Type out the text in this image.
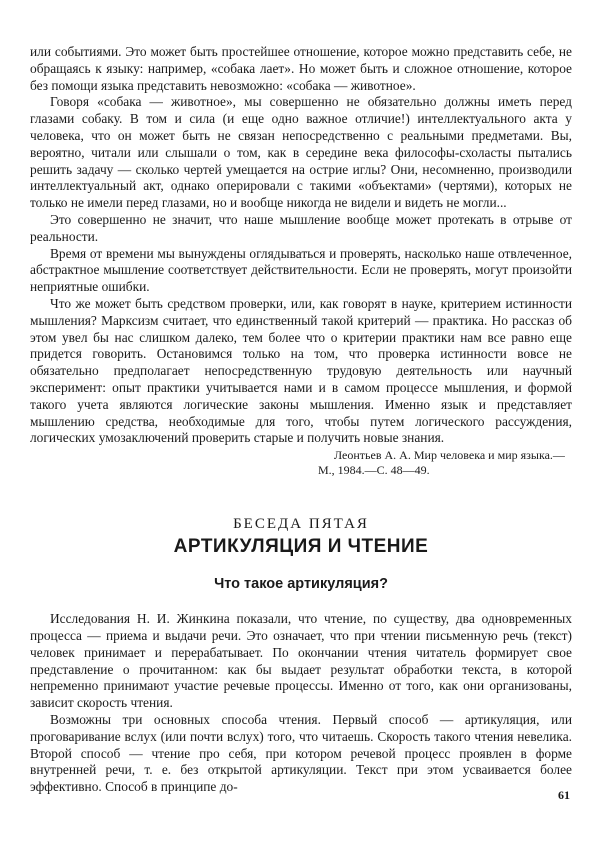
или событиями. Это может быть простейшее отношение, которое можно представить себе, не обращаясь к языку: например, «собака лает». Но может быть и сложное отношение, которое без помощи языка представить невозможно: «собака — животное».

Говоря «собака — животное», мы совершенно не обязательно должны иметь перед глазами собаку. В том и сила (и еще одно важное отличие!) интеллектуального акта у человека, что он может быть не связан непосредственно с реальными предметами. Вы, вероятно, читали или слышали о том, как в середине века философы-схоласты пытались решить задачу — сколько чертей умещается на острие иглы? Они, несомненно, производили интеллектуальный акт, однако оперировали с такими «объектами» (чертями), которых не только не имели перед глазами, но и вообще никогда не видели и видеть не могли...

Это совершенно не значит, что наше мышление вообще может протекать в отрыве от реальности.

Время от времени мы вынуждены оглядываться и проверять, насколько наше отвлеченное, абстрактное мышление соответствует действительности. Если не проверять, могут произойти неприятные ошибки.

Что же может быть средством проверки, или, как говорят в науке, критерием истинности мышления? Марксизм считает, что единственный такой критерий — практика. Но рассказ об этом увел бы нас слишком далеко, тем более что о критерии практики нам все равно еще придется говорить. Остановимся только на том, что проверка истинности вовсе не обязательно предполагает непосредственную трудовую деятельность или научный эксперимент: опыт практики учитывается нами и в самом процессе мышления, и формой такого учета являются логические законы мышления. Именно язык и представляет мышлению средства, необходимые для того, чтобы путем логического рассуждения, логических умозаключений проверить старые и получить новые знания.

Леонтьев А. А. Мир человека и мир языка.— М., 1984.—С. 48—49.

БЕСЕДА ПЯТАЯ
АРТИКУЛЯЦИЯ И ЧТЕНИЕ
Что такое артикуляция?

Исследования Н. И. Жинкина показали, что чтение, по существу, два одновременных процесса — приема и выдачи речи. Это означает, что при чтении письменную речь (текст) человек принимает и перерабатывает. По окончании чтения читатель формирует свое представление о прочитанном: как бы выдает результат обработки текста, в которой непременно принимают участие речевые процессы. Именно от того, как они организованы, зависит скорость чтения.

Возможны три основных способа чтения. Первый способ — артикуляция, или проговаривание вслух (или почти вслух) того, что читаешь. Скорость такого чтения невелика. Второй способ — чтение про себя, при котором речевой процесс проявлен в форме внутренней речи, т. е. без открытой артикуляции. Текст при этом усваивается более эффективно. Способ в принципе до-

61
